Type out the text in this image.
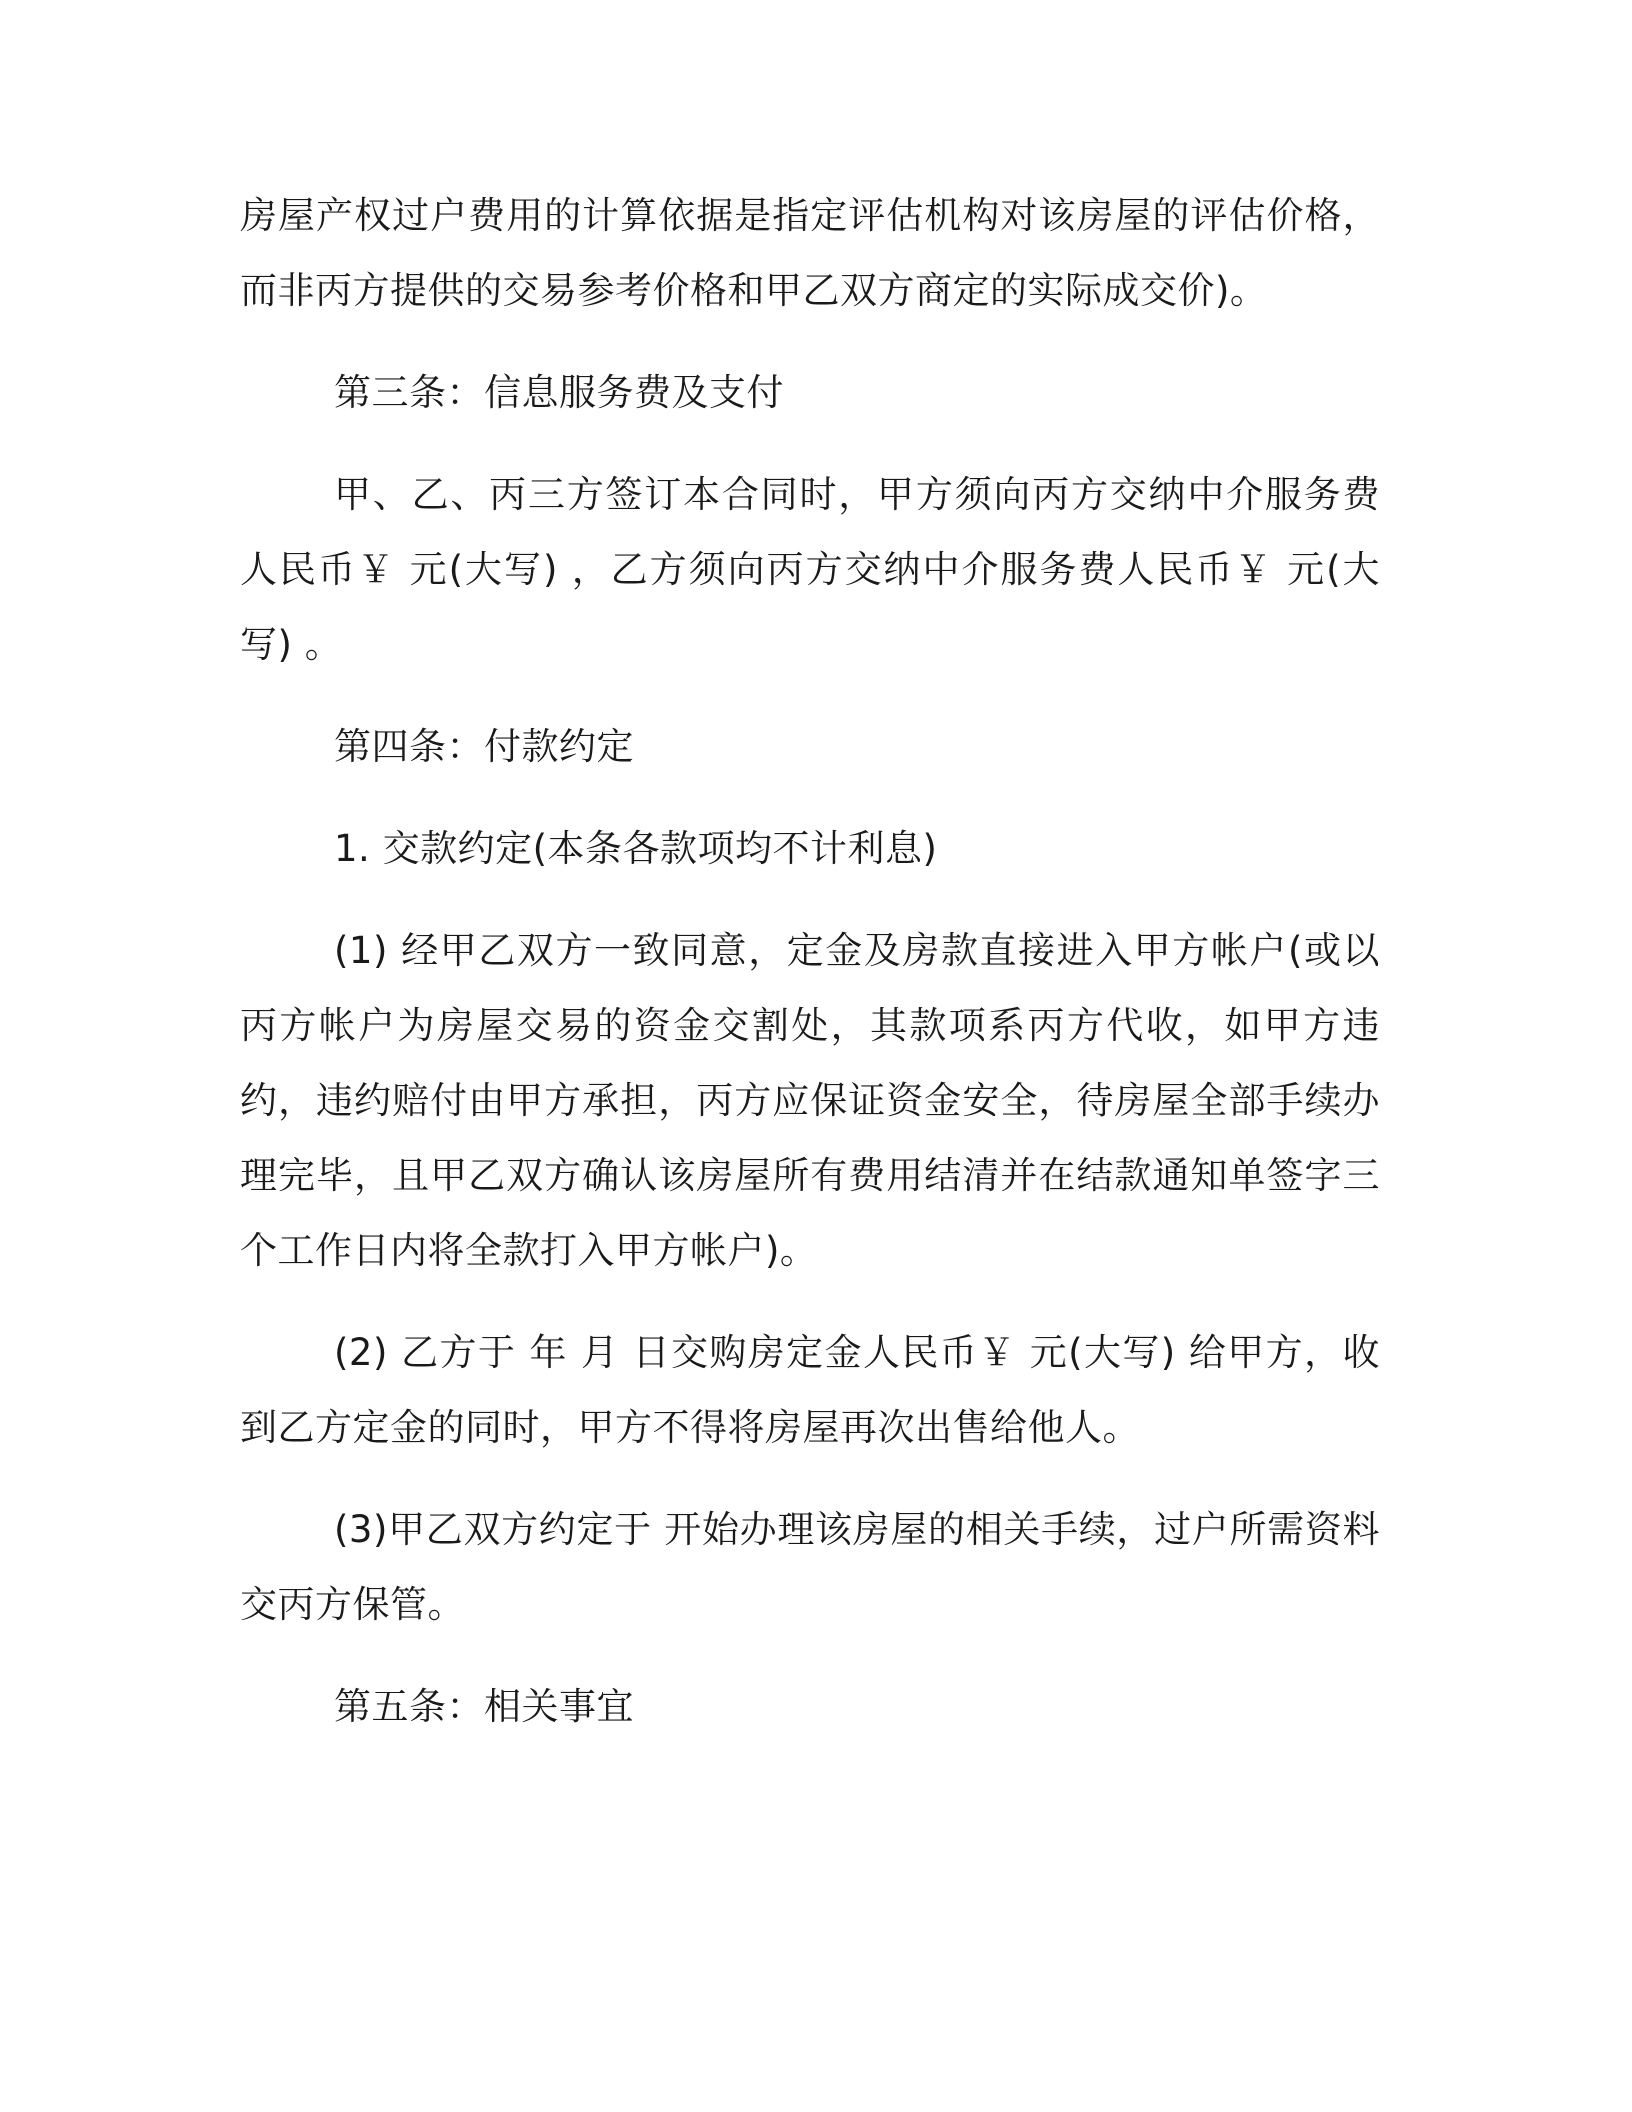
房屋产权过户费用的计算依据是指定评估机构对该房屋的评估价格，而非丙方提供的交易参考价格和甲乙双方商定的实际成交价)。

第三条：信息服务费及支付

甲、乙、丙三方签订本合同时，甲方须向丙方交纳中介服务费人民币￥ 元(大写) ，乙方须向丙方交纳中介服务费人民币￥ 元(大写) 。

第四条：付款约定

1. 交款约定(本条各款项均不计利息)

(1) 经甲乙双方一致同意，定金及房款直接进入甲方帐户(或以丙方帐户为房屋交易的资金交割处，其款项系丙方代收，如甲方违约，违约赔付由甲方承担，丙方应保证资金安全，待房屋全部手续办理完毕，且甲乙双方确认该房屋所有费用结清并在结款通知单签字三个工作日内将全款打入甲方帐户)。

(2) 乙方于 年 月 日交购房定金人民币￥ 元(大写) 给甲方，收到乙方定金的同时，甲方不得将房屋再次出售给他人。

(3)甲乙双方约定于 开始办理该房屋的相关手续，过户所需资料交丙方保管。

第五条：相关事宜
